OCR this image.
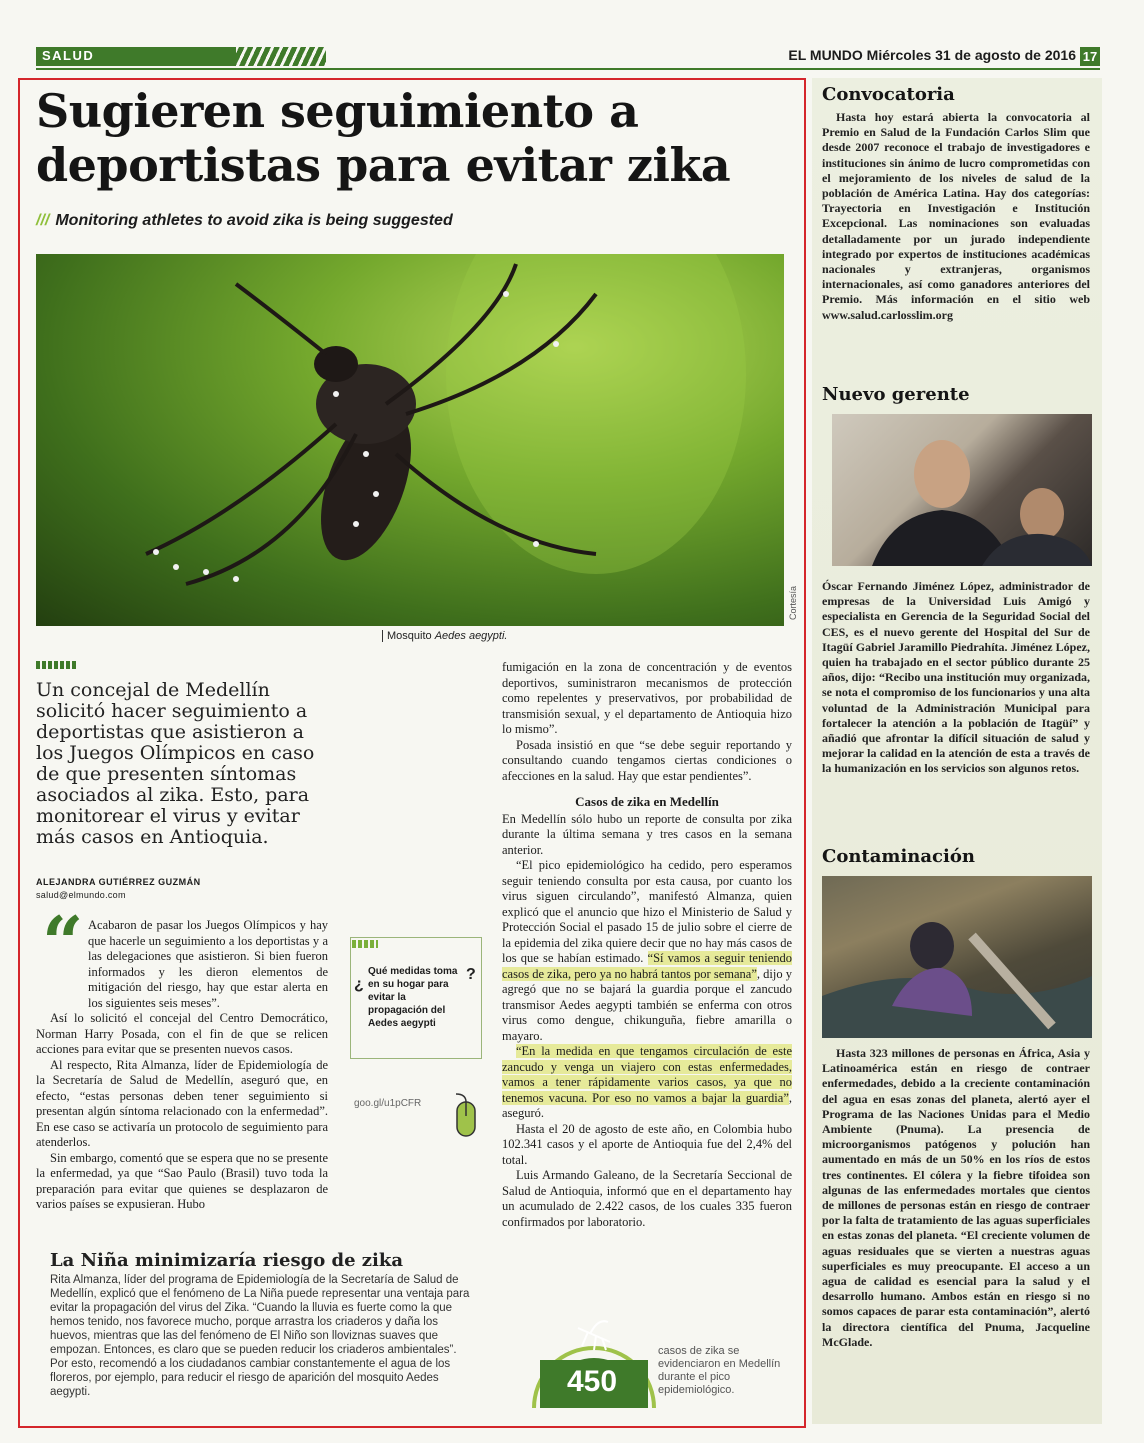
SALUD	EL MUNDO Miércoles 31 de agosto de 2016 17
Sugieren seguimiento a deportistas para evitar zika
/// Monitoring athletes to avoid zika is being suggested
Cortesía
Mosquito Aedes aegypti.
Un concejal de Medellín solicitó hacer seguimiento a deportistas que asistieron a los Juegos Olímpicos en caso de que presenten síntomas asociados al zika. Esto, para monitorear el virus y evitar más casos en Antioquia.
ALEJANDRA GUTIÉRREZ GUZMÁN
salud@elmundo.com
“ Acabaron de pasar los Juegos Olímpicos y hay que hacerle un seguimiento a los deportistas y a las delegaciones que asistieron. Si bien fueron informados y les dieron elementos de mitigación del riesgo, hay que estar alerta en los siguientes seis meses”.

Así lo solicitó el concejal del Centro Democrático, Norman Harry Posada, con el fin de que se relicen acciones para evitar que se presenten nuevos casos.

Al respecto, Rita Almanza, líder de Epidemiología de la Secretaría de Salud de Medellín, aseguró que, en efecto, “estas personas deben tener seguimiento si presentan algún síntoma relacionado con la enfermedad”. En ese caso se activaría un protocolo de seguimiento para atenderlos.

Sin embargo, comentó que se espera que no se presente la enfermedad, ya que “Sao Paulo (Brasil) tuvo toda la preparación para evitar que quienes se desplazaron de varios países se expusieran. Hubo

¿
Qué medidas toma en su hogar para evitar la propagación del Aedes aegypti
?
goo.gl/u1pCFR

fumigación en la zona de concentración y de eventos deportivos, suministraron mecanismos de protección como repelentes y preservativos, por probabilidad de transmisión sexual, y el departamento de Antioquia hizo lo mismo”.

Posada insistió en que “se debe seguir reportando y consultando cuando tengamos ciertas condiciones o afecciones en la salud. Hay que estar pendientes”.

Casos de zika en Medellín

En Medellín sólo hubo un reporte de consulta por zika durante la última semana y tres casos en la semana anterior.

“El pico epidemiológico ha cedido, pero esperamos seguir teniendo consulta por esta causa, por cuanto los virus siguen circulando”, manifestó Almanza, quien explicó que el anuncio que hizo el Ministerio de Salud y Protección Social el pasado 15 de julio sobre el cierre de la epidemia del zika quiere decir que no hay más casos de los que se habían estimado. “Sí vamos a seguir teniendo casos de zika, pero ya no habrá tantos por semana”, dijo y agregó que no se bajará la guardia porque el zancudo transmisor Aedes aegypti también se enferma con otros virus como dengue, chikunguña, fiebre amarilla o mayaro.

“En la medida en que tengamos circulación de este zancudo y venga un viajero con estas enfermedades, vamos a tener rápidamente varios casos, ya que no tenemos vacuna. Por eso no vamos a bajar la guardia”, aseguró.

Hasta el 20 de agosto de este año, en Colombia hubo 102.341 casos y el aporte de Antioquia fue del 2,4% del total.

Luis Armando Galeano, de la Secretaría Seccional de Salud de Antioquia, informó que en el departamento hay un acumulado de 2.422 casos, de los cuales 335 fueron confirmados por laboratorio.

La Niña minimizaría riesgo de zika
Rita Almanza, líder del programa de Epidemiología de la Secretaría de Salud de Medellín, explicó que el fenómeno de La Niña puede representar una ventaja para evitar la propagación del virus del Zika. “Cuando la lluvia es fuerte como la que hemos tenido, nos favorece mucho, porque arrastra los criaderos y daña los huevos, mientras que las del fenómeno de El Niño son lloviznas suaves que empozan. Entonces, es claro que se pueden reducir los criaderos ambientales”. Por esto, recomendó a los ciudadanos cambiar constantemente el agua de los floreros, por ejemplo, para reducir el riesgo de aparición del mosquito Aedes aegypti.	450
casos de zika se evidenciaron en Medellín durante el pico epidemiológico.
Convocatoria

Hasta hoy estará abierta la convocatoria al Premio en Salud de la Fundación Carlos Slim que desde 2007 reconoce el trabajo de investigadores e instituciones sin ánimo de lucro comprometidas con el mejoramiento de los niveles de salud de la población de América Latina. Hay dos categorías: Trayectoria en Investigación e Institución Excepcional. Las nominaciones son evaluadas detalladamente por un jurado independiente integrado por expertos de instituciones académicas nacionales y extranjeras, organismos internacionales, así como ganadores anteriores del Premio. Más información en el sitio web www.salud.carlosslim.org

Nuevo gerente

Óscar Fernando Jiménez López, administrador de empresas de la Universidad Luis Amigó y especialista en Gerencia de la Seguridad Social del CES, es el nuevo gerente del Hospital del Sur de Itagüí Gabriel Jaramillo Piedrahíta. Jiménez López, quien ha trabajado en el sector público durante 25 años, dijo: “Recibo una institución muy organizada, se nota el compromiso de los funcionarios y una alta voluntad de la Administración Municipal para fortalecer la atención a la población de Itagüí” y añadió que afrontar la difícil situación de salud y mejorar la calidad en la atención de esta a través de la humanización en los servicios son algunos retos.

Contaminación

Hasta 323 millones de personas en África, Asia y Latinoamérica están en riesgo de contraer enfermedades, debido a la creciente contaminación del agua en esas zonas del planeta, alertó ayer el Programa de las Naciones Unidas para el Medio Ambiente (Pnuma). La presencia de microorganismos patógenos y polución han aumentado en más de un 50% en los ríos de estos tres continentes. El cólera y la fiebre tifoidea son algunas de las enfermedades mortales que cientos de millones de personas están en riesgo de contraer por la falta de tratamiento de las aguas superficiales en estas zonas del planeta. “El creciente volumen de aguas residuales que se vierten a nuestras aguas superficiales es muy preocupante. El acceso a un agua de calidad es esencial para la salud y el desarrollo humano. Ambos están en riesgo si no somos capaces de parar esta contaminación”, alertó la directora científica del Pnuma, Jacqueline McGlade.
